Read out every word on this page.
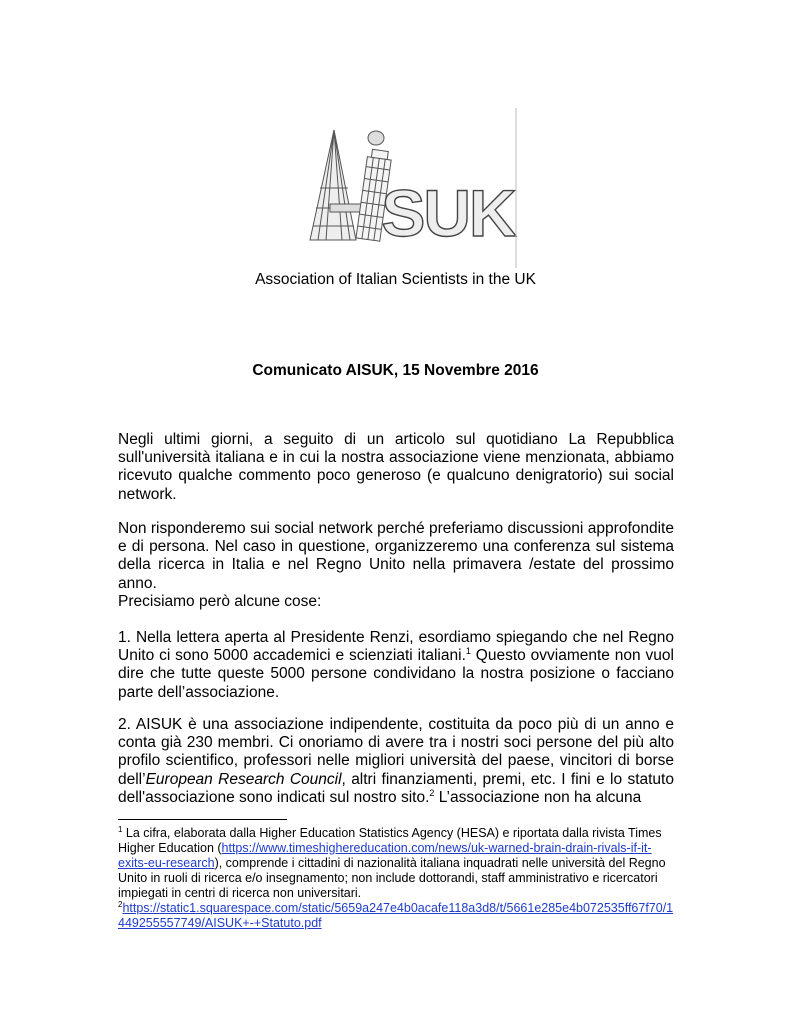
SUK
Association of Italian Scientists in the UK
Comunicato AISUK, 15 Novembre 2016

Negli ultimi giorni, a seguito di un articolo sul quotidiano La Repubblica sull'università italiana e in cui la nostra associazione viene menzionata, abbiamo ricevuto qualche commento poco generoso (e qualcuno denigratorio) sui social network.

Non risponderemo sui social network perché preferiamo discussioni approfondite e di persona. Nel caso in questione, organizzeremo una conferenza sul sistema della ricerca in Italia e nel Regno Unito nella primavera /estate del prossimo anno.

Precisiamo però alcune cose:

1. Nella lettera aperta al Presidente Renzi, esordiamo spiegando che nel Regno Unito ci sono 5000 accademici e scienziati italiani.$^1$ Questo ovviamente non vuol dire che tutte queste 5000 persone condividano la nostra posizione o facciano parte dell’associazione.

2. AISUK è una associazione indipendente, costituita da poco più di un anno e conta già 230 membri. Ci onoriamo di avere tra i nostri soci persone del più alto profilo scientifico, professori nelle migliori università del paese, vincitori di borse dell’European Research Council, altri finanziamenti, premi, etc. I fini e lo statuto dell'associazione sono indicati sul nostro sito.$^2$ L’associazione non ha alcuna

$^1$ La cifra, elaborata dalla Higher Education Statistics Agency (HESA) e riportata dalla rivista Times Higher Education (https://www.timeshighereducation.com/news/uk-warned-brain-drain-rivals-if-it-exits-eu-research), comprende i cittadini di nazionalità italiana inquadrati nelle università del Regno Unito in ruoli di ricerca e/o insegnamento; non include dottorandi, staff amministrativo e ricercatori impiegati in centri di ricerca non universitari.

$^2$https://static1.squarespace.com/static/5659a247e4b0acafe118a3d8/t/5661e285e4b072535ff67f70/1449255557749/AISUK+-+Statuto.pdf
